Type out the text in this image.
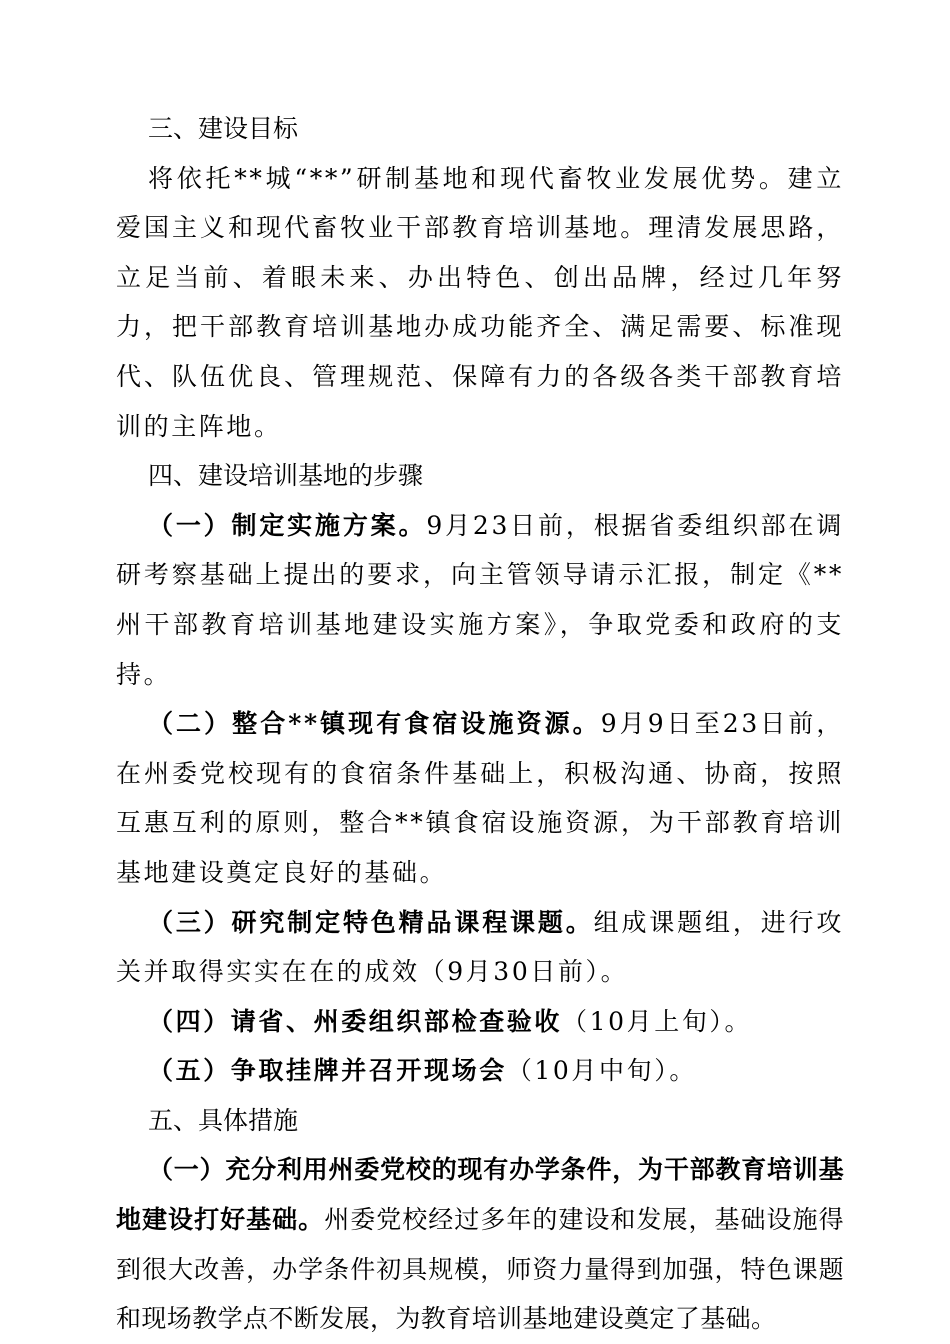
三、建设目标

将依托**城“**”研制基地和现代畜牧业发展优势。建立爱国主义和现代畜牧业干部教育培训基地。理清发展思路，立足当前、着眼未来、办出特色、创出品牌，经过几年努力，把干部教育培训基地办成功能齐全、满足需要、标准现代、队伍优良、管理规范、保障有力的各级各类干部教育培训的主阵地。

四、建设培训基地的步骤

（一）制定实施方案。9月23日前，根据省委组织部在调研考察基础上提出的要求，向主管领导请示汇报，制定《**州干部教育培训基地建设实施方案》，争取党委和政府的支持。

（二）整合**镇现有食宿设施资源。9月9日至23日前，在州委党校现有的食宿条件基础上，积极沟通、协商，按照互惠互利的原则，整合**镇食宿设施资源，为干部教育培训基地建设奠定良好的基础。

（三）研究制定特色精品课程课题。组成课题组，进行攻关并取得实实在在的成效（9月30日前）。

（四）请省、州委组织部检查验收（10月上旬）。

（五）争取挂牌并召开现场会（10月中旬）。

五、具体措施

（一）充分利用州委党校的现有办学条件，为干部教育培训基地建设打好基础。州委党校经过多年的建设和发展，基础设施得到很大改善，办学条件初具规模，师资力量得到加强，特色课题和现场教学点不断发展，为教育培训基地建设奠定了基础。
